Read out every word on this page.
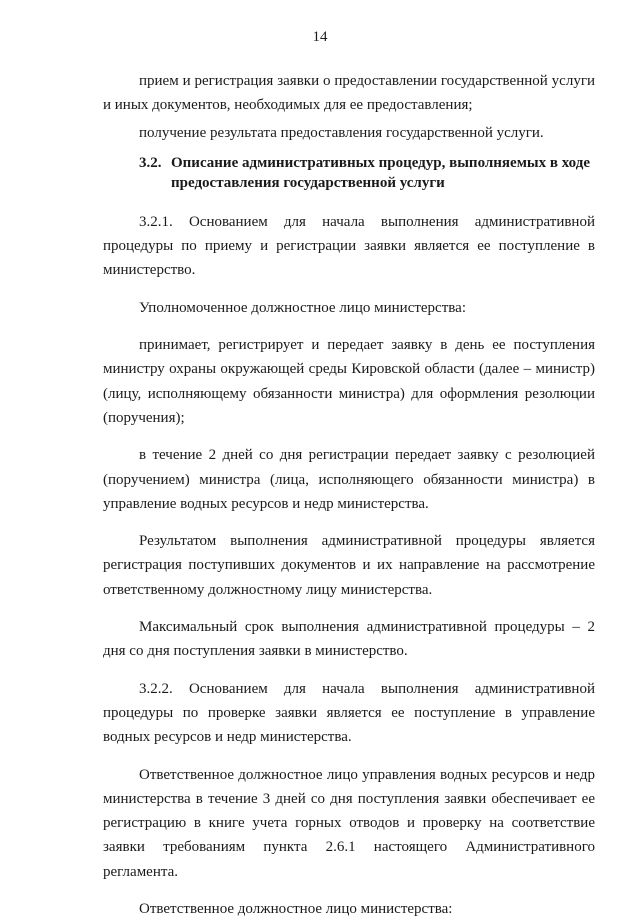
14

прием и регистрация заявки о предоставлении государственной услуги и иных документов, необходимых для ее предоставления;

получение результата предоставления государственной услуги.

3.2. Описание административных процедур, выполняемых в ходе
предоставления государственной услуги

3.2.1. Основанием для начала выполнения административной процедуры по приему и регистрации заявки является ее поступление в министерство.

Уполномоченное должностное лицо министерства:

принимает, регистрирует и передает заявку в день ее поступления министру охраны окружающей среды Кировской области (далее – министр) (лицу, исполняющему обязанности министра) для оформления резолюции (поручения);

в течение 2 дней со дня регистрации передает заявку с резолюцией (поручением) министра (лица, исполняющего обязанности министра) в управление водных ресурсов и недр министерства.

Результатом выполнения административной процедуры является регистрация поступивших документов и их направление на рассмотрение ответственному должностному лицу министерства.

Максимальный срок выполнения административной процедуры – 2 дня со дня поступления заявки в министерство.

3.2.2. Основанием для начала выполнения административной процедуры по проверке заявки является ее поступление в управление водных ресурсов и недр министерства.

Ответственное должностное лицо управления водных ресурсов и недр министерства в течение 3 дней со дня поступления заявки обеспечивает ее регистрацию в книге учета горных отводов и проверку на соответствие заявки требованиям пункта 2.6.1 настоящего Административного регламента.

Ответственное должностное лицо министерства:
